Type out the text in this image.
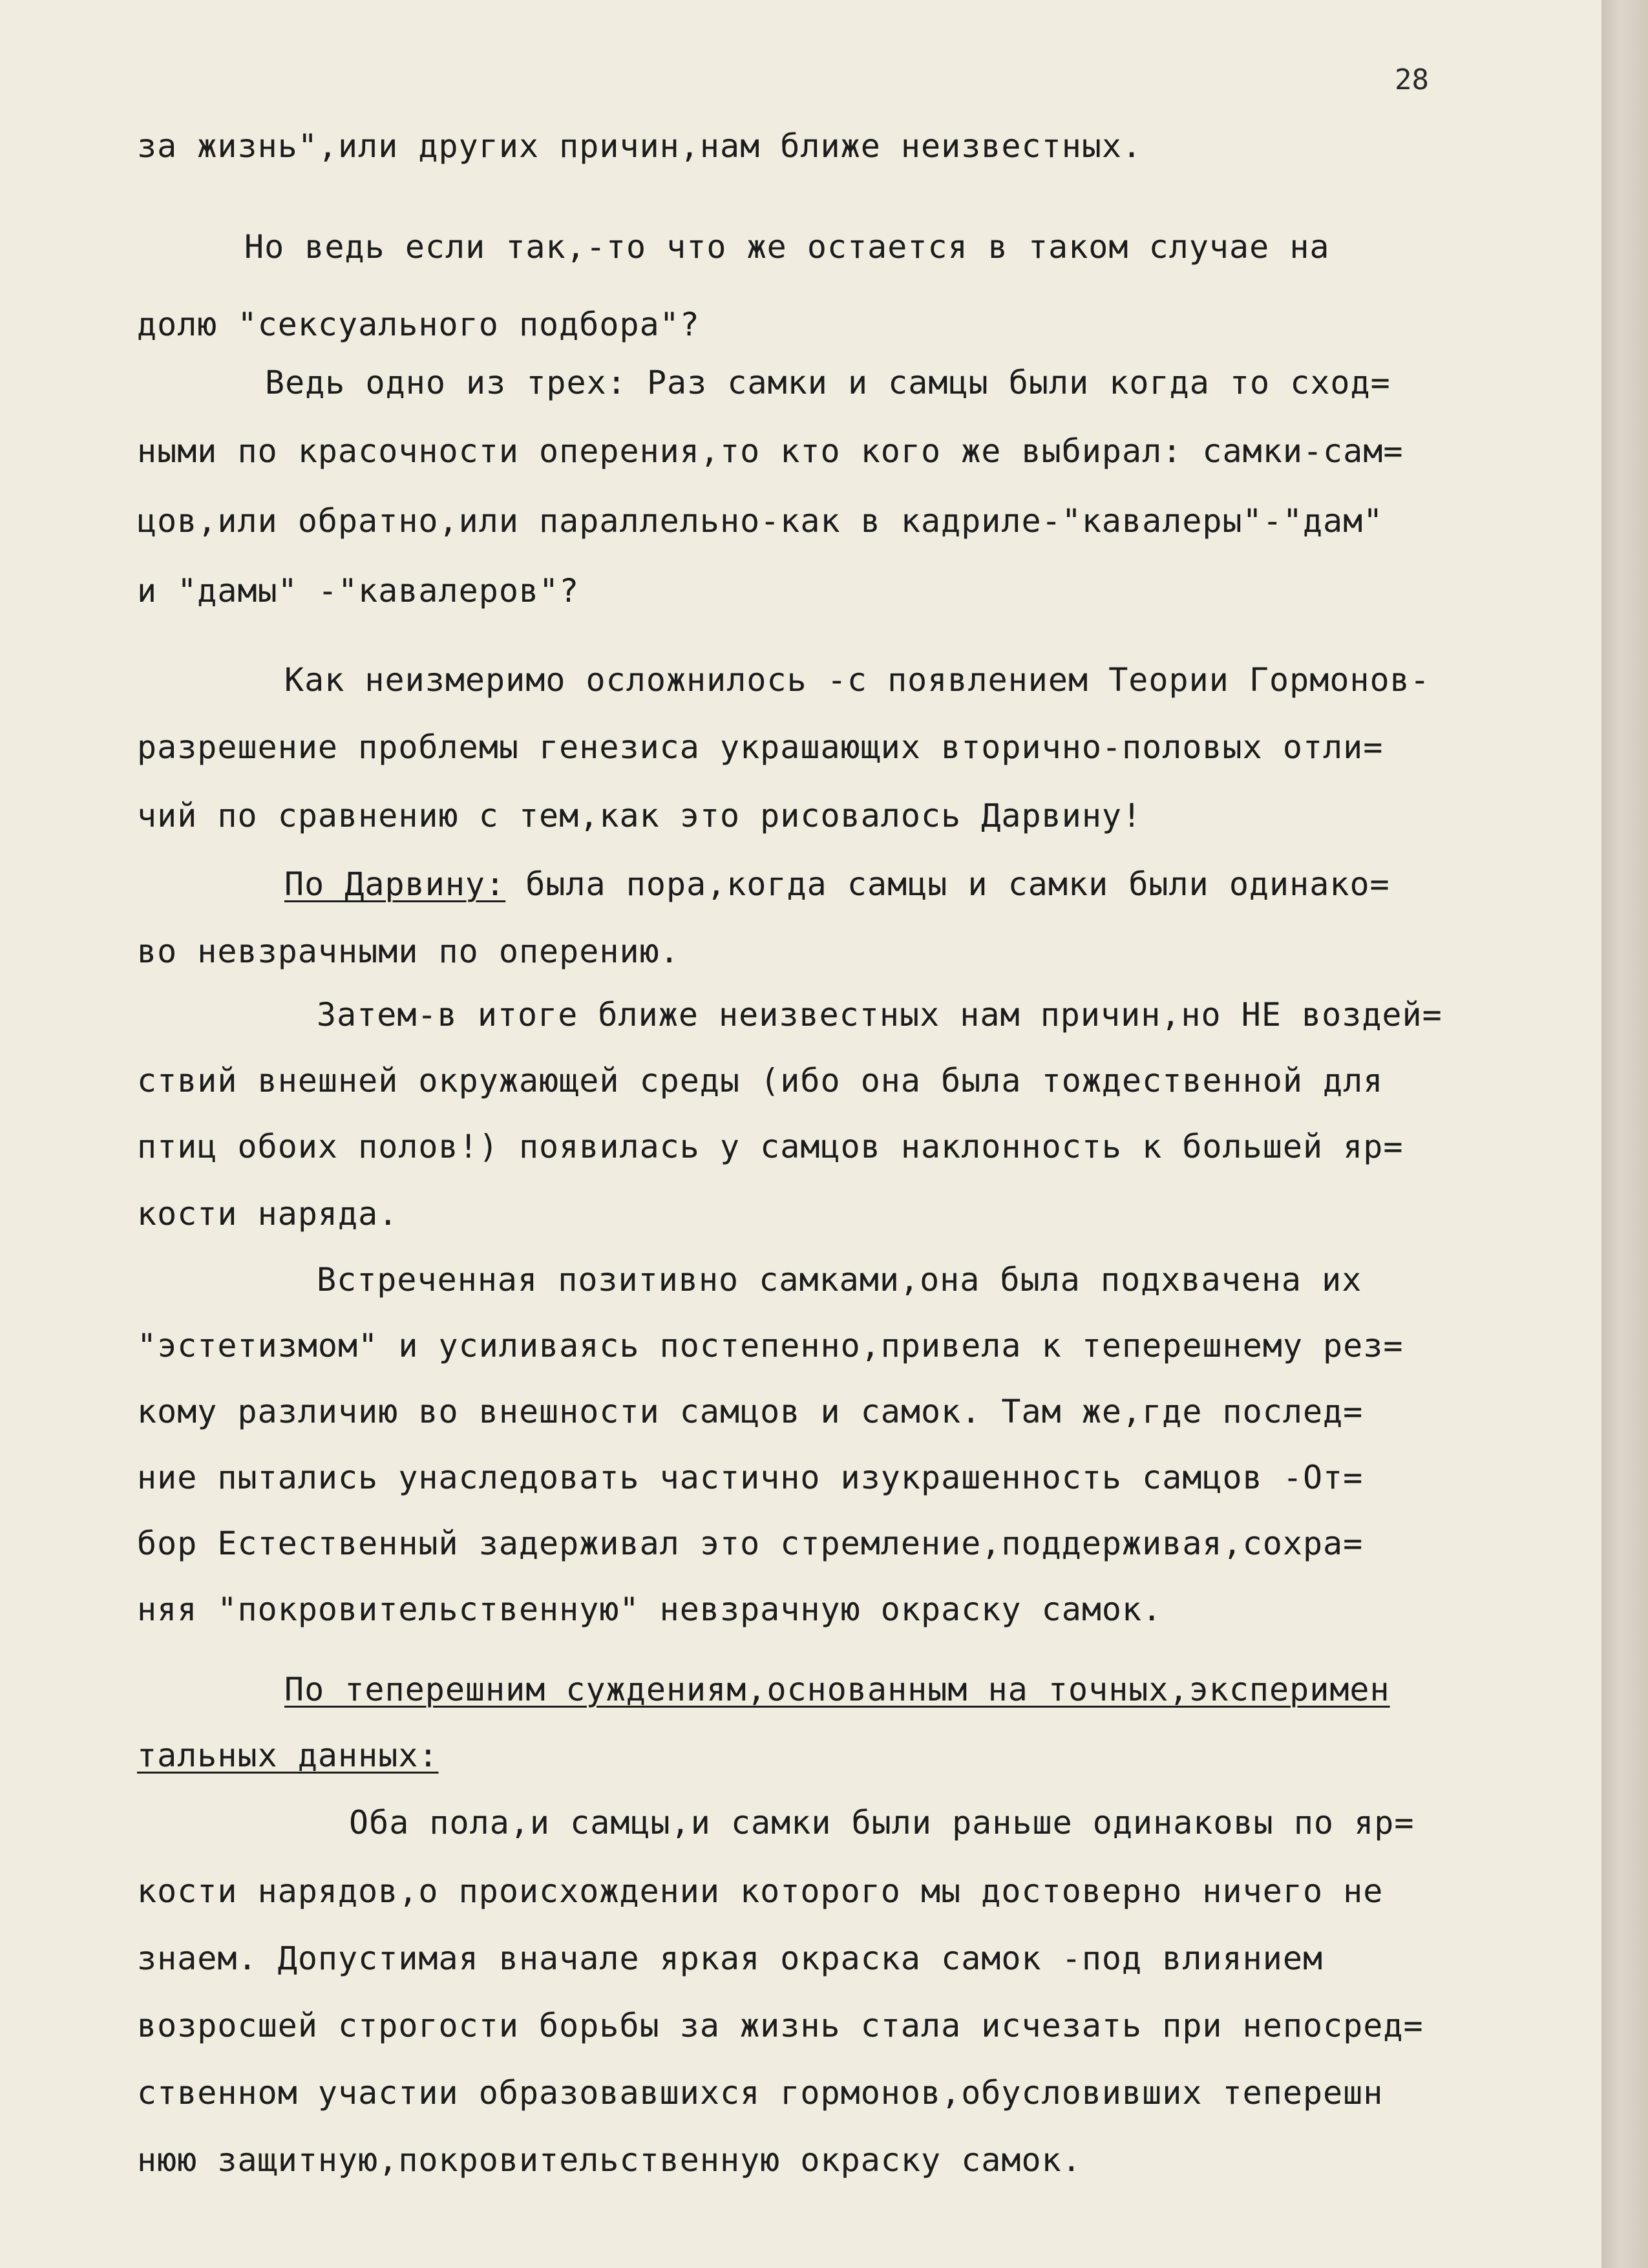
28
за жизнь",или других причин,нам ближе неизвестных.
Но ведь если так,-то что же остается в таком случае на
долю "сексуального подбора"?
Ведь одно из трех: Раз самки и самцы были когда то сход=
ными по красочности оперения,то кто кого же выбирал: самки-сам=
цов,или обратно,или параллельно-как в кадриле-"кавалеры"-"дам"
и "дамы" -"кавалеров"?
Как неизмеримо осложнилось -с появлением Теории Гормонов-
разрешение проблемы генезиса украшающих вторично-половых отли=
чий по сравнению с тем,как это рисовалось Дарвину!
По Дарвину: была пора,когда самцы и самки были одинако=
во невзрачными по оперению.
Затем-в итоге ближе неизвестных нам причин,но НЕ воздей=
ствий внешней окружающей среды (ибо она была тождественной для
птиц обоих полов!) появилась у самцов наклонность к большей яр=
кости наряда.
Встреченная позитивно самками,она была подхвачена их
"эстетизмом" и усиливаясь постепенно,привела к теперешнему рез=
кому различию во внешности самцов и самок. Там же,где послед=
ние пытались унаследовать частично изукрашенность самцов -От=
бор Естественный задерживал это стремление,поддерживая,сохра=
няя "покровительственную" невзрачную окраску самок.
По теперешним суждениям,основанным на точных,эксперимен
тальных данных:
Оба пола,и самцы,и самки были раньше одинаковы по яр=
кости нарядов,о происхождении которого мы достоверно ничего не
знаем. Допустимая вначале яркая окраска самок -под влиянием
возросшей строгости борьбы за жизнь стала исчезать при непосред=
ственном участии образовавшихся гормонов,обусловивших теперешн
нюю защитную,покровительственную окраску самок.
